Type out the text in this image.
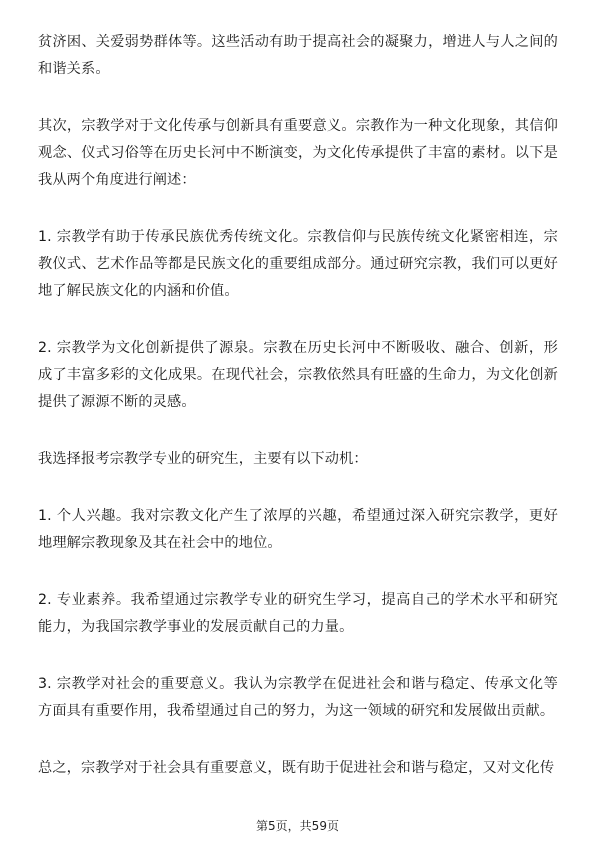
贫济困、关爱弱势群体等。这些活动有助于提高社会的凝聚力，增进人与人之间的和谐关系。

其次，宗教学对于文化传承与创新具有重要意义。宗教作为一种文化现象，其信仰观念、仪式习俗等在历史长河中不断演变，为文化传承提供了丰富的素材。以下是我从两个角度进行阐述：

1. 宗教学有助于传承民族优秀传统文化。宗教信仰与民族传统文化紧密相连，宗教仪式、艺术作品等都是民族文化的重要组成部分。通过研究宗教，我们可以更好地了解民族文化的内涵和价值。

2. 宗教学为文化创新提供了源泉。宗教在历史长河中不断吸收、融合、创新，形成了丰富多彩的文化成果。在现代社会，宗教依然具有旺盛的生命力，为文化创新提供了源源不断的灵感。

我选择报考宗教学专业的研究生，主要有以下动机：

1. 个人兴趣。我对宗教文化产生了浓厚的兴趣，希望通过深入研究宗教学，更好地理解宗教现象及其在社会中的地位。

2. 专业素养。我希望通过宗教学专业的研究生学习，提高自己的学术水平和研究能力，为我国宗教学事业的发展贡献自己的力量。

3. 宗教学对社会的重要意义。我认为宗教学在促进社会和谐与稳定、传承文化等方面具有重要作用，我希望通过自己的努力，为这一领域的研究和发展做出贡献。

总之，宗教学对于社会具有重要意义，既有助于促进社会和谐与稳定，又对文化传

第5页，共59页
